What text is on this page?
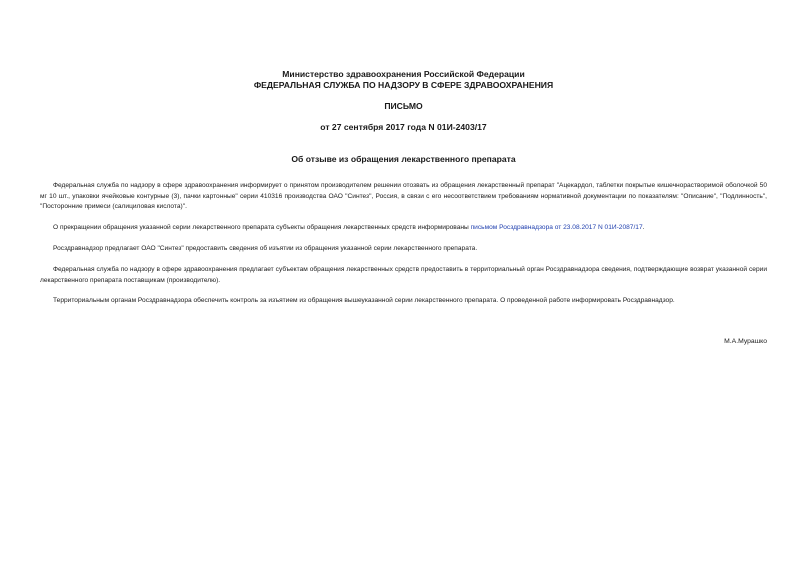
Министерство здравоохранения Российской Федерации
ФЕДЕРАЛЬНАЯ СЛУЖБА ПО НАДЗОРУ В СФЕРЕ ЗДРАВООХРАНЕНИЯ
ПИСЬМО
от 27 сентября 2017 года N 01И-2403/17
Об отзыве из обращения лекарственного препарата
Федеральная служба по надзору в сфере здравоохранения информирует о принятом производителем решении отозвать из обращения лекарственный препарат "Ацекардол, таблетки покрытые кишечнорастворимой оболочкой 50 мг 10 шт., упаковки ячейковые контурные (3), пачки картонные" серии 410316 производства ОАО "Синтез", Россия, в связи с его несоответствием требованиям нормативной документации по показателям: "Описание", "Подлинность", "Посторонние примеси (салициловая кислота)".
О прекращении обращения указанной серии лекарственного препарата субъекты обращения лекарственных средств информированы письмом Росздравнадзора от 23.08.2017 N 01И-2087/17.
Росздравнадзор предлагает ОАО "Синтез" предоставить сведения об изъятии из обращения указанной серии лекарственного препарата.
Федеральная служба по надзору в сфере здравоохранения предлагает субъектам обращения лекарственных средств предоставить в территориальный орган Росздравнадзора сведения, подтверждающие возврат указанной серии лекарственного препарата поставщикам (производителю).
Территориальным органам Росздравнадзора обеспечить контроль за изъятием из обращения вышеуказанной серии лекарственного препарата. О проведенной работе информировать Росздравнадзор.
М.А.Мурашко
